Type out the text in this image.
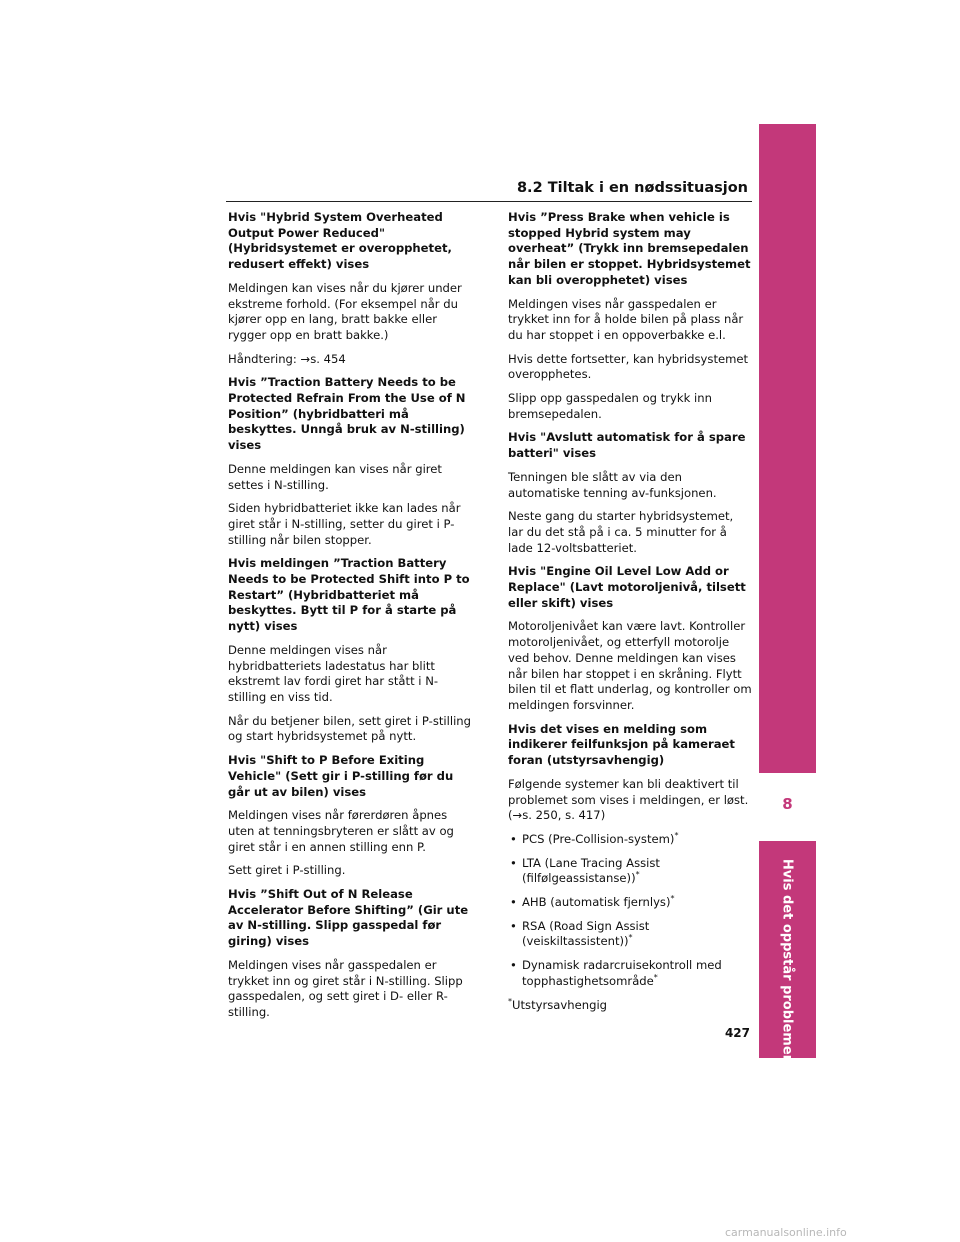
8.2 Tiltak i en nødssituasjon
Hvis "Hybrid System Overheated Output Power Reduced" (Hybridsystemet er overopphetet, redusert effekt) vises

Meldingen kan vises når du kjører under ekstreme forhold. (For eksempel når du kjører opp en lang, bratt bakke eller rygger opp en bratt bakke.)

Håndtering: →s. 454

Hvis ”Traction Battery Needs to be Protected Refrain From the Use of N Position” (hybridbatteri må beskyttes. Unngå bruk av N-stilling) vises

Denne meldingen kan vises når giret settes i N-stilling.

Siden hybridbatteriet ikke kan lades når giret står i N-stilling, setter du giret i P-stilling når bilen stopper.

Hvis meldingen ”Traction Battery Needs to be Protected Shift into P to Restart” (Hybridbatteriet må beskyttes. Bytt til P for å starte på nytt) vises

Denne meldingen vises når hybridbatteriets ladestatus har blitt ekstremt lav fordi giret har stått i N-stilling en viss tid.

Når du betjener bilen, sett giret i P-stilling og start hybridsystemet på nytt.

Hvis "Shift to P Before Exiting Vehicle" (Sett gir i P-stilling før du går ut av bilen) vises

Meldingen vises når førerdøren åpnes uten at tenningsbryteren er slått av og giret står i en annen stilling enn P.

Sett giret i P-stilling.

Hvis ”Shift Out of N Release Accelerator Before Shifting” (Gir ute av N-stilling. Slipp gasspedal før giring) vises

Meldingen vises når gasspedalen er trykket inn og giret står i N-stilling. Slipp gasspedalen, og sett giret i D- eller R-stilling.

Hvis ”Press Brake when vehicle is stopped Hybrid system may overheat” (Trykk inn bremsepedalen når bilen er stoppet. Hybridsystemet kan bli overopphetet) vises

Meldingen vises når gasspedalen er trykket inn for å holde bilen på plass når du har stoppet i en oppoverbakke e.l.

Hvis dette fortsetter, kan hybridsystemet overopphetes.

Slipp opp gasspedalen og trykk inn bremsepedalen.

Hvis "Avslutt automatisk for å spare batteri" vises

Tenningen ble slått av via den automatiske tenning av-funksjonen.

Neste gang du starter hybridsystemet, lar du det stå på i ca. 5 minutter for å lade 12-voltsbatteriet.

Hvis "Engine Oil Level Low Add or Replace" (Lavt motoroljenivå, tilsett eller skift) vises

Motoroljenivået kan være lavt. Kontroller motoroljenivået, og etterfyll motorolje ved behov. Denne meldingen kan vises når bilen har stoppet i en skråning. Flytt bilen til et flatt underlag, og kontroller om meldingen forsvinner.

Hvis det vises en melding som indikerer feilfunksjon på kameraet foran (utstyrsavhengig)

Følgende systemer kan bli deaktivert til problemet som vises i meldingen, er løst. (→s. 250, s. 417)

• PCS (Pre-Collision-system)*
• LTA (Lane Tracing Assist (filfølgeassistanse))*
• AHB (automatisk fjernlys)*
• RSA (Road Sign Assist (veiskiltassistent))*
• Dynamisk radarcruisekontroll med topphastighetsområde*

*Utstyrsavhengig

8
Hvis det oppstår problemer
427
carmanualsonline.info
